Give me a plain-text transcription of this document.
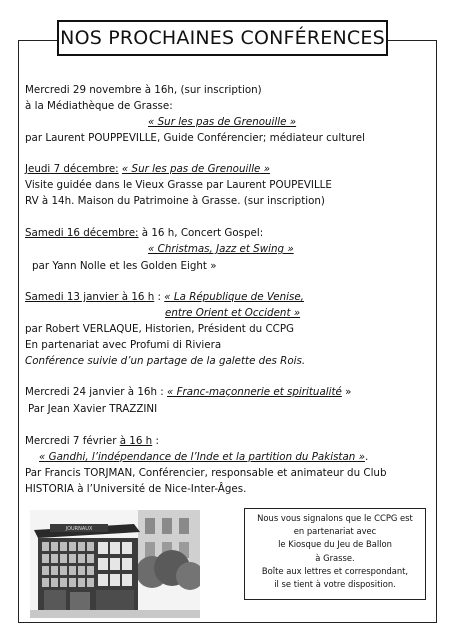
NOS PROCHAINES CONFÉRENCES
Mercredi 29 novembre à 16h, (sur inscription)
à la Médiathèque de Grasse:
« Sur les pas de Grenouille »
par Laurent POUPPEVILLE, Guide Conférencier; médiateur culturel
Jeudi 7 décembre: « Sur les pas de Grenouille »
Visite guidée dans le Vieux Grasse par Laurent POUPEVILLE
RV à 14h. Maison du Patrimoine à Grasse. (sur inscription)
Samedi 16 décembre: à 16 h, Concert Gospel:
« Christmas, Jazz et Swing »
par Yann Nolle et les Golden Eight »
Samedi 13 janvier à 16 h : « La République de Venise,
entre Orient et Occident »
par Robert VERLAQUE, Historien, Président du CCPG
En partenariat avec Profumi di Riviera
Conférence suivie d’un partage de la galette des Rois.
Mercredi 24 janvier à 16h : « Franc-maçonnerie et spiritualité »
Par Jean Xavier TRAZZINI
Mercredi 7 février à 16 h :
« Gandhi, l’indépendance de l’Inde et la partition du Pakistan ».
Par Francis TORJMAN, Conférencier, responsable et animateur du Club
HISTORIA à l’Université de Nice-Inter-Âges.
JOURNAUX
Nous vous signalons que le CCPG est
en partenariat avec
le Kiosque du Jeu de Ballon
à Grasse.
Boîte aux lettres et correspondant,
il se tient à votre disposition.
